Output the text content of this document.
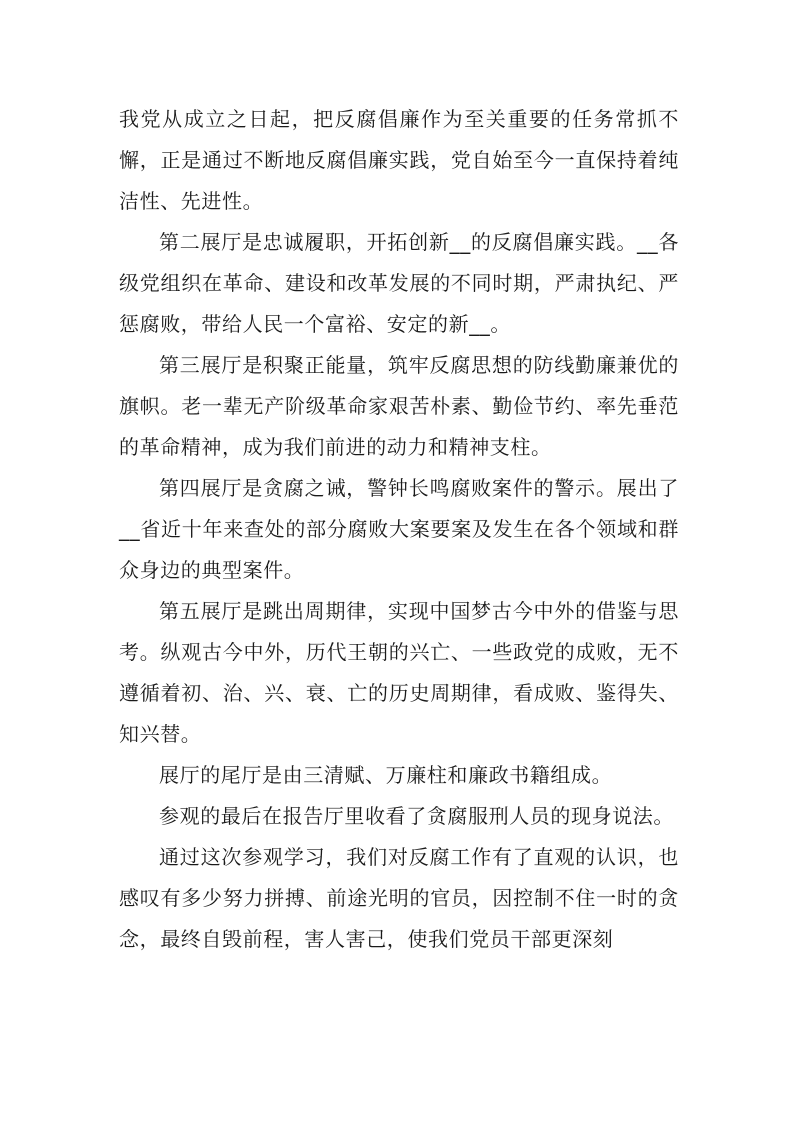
我党从成立之日起，把反腐倡廉作为至关重要的任务常抓不懈，正是通过不断地反腐倡廉实践，党自始至今一直保持着纯洁性、先进性。

第二展厅是忠诚履职，开拓创新__的反腐倡廉实践。__各级党组织在革命、建设和改革发展的不同时期，严肃执纪、严惩腐败，带给人民一个富裕、安定的新__。

第三展厅是积聚正能量，筑牢反腐思想的防线勤廉兼优的旗帜。老一辈无产阶级革命家艰苦朴素、勤俭节约、率先垂范的革命精神，成为我们前进的动力和精神支柱。

第四展厅是贪腐之诫，警钟长鸣腐败案件的警示。展出了__省近十年来查处的部分腐败大案要案及发生在各个领域和群众身边的典型案件。

第五展厅是跳出周期律，实现中国梦古今中外的借鉴与思考。纵观古今中外，历代王朝的兴亡、一些政党的成败，无不遵循着初、治、兴、衰、亡的历史周期律，看成败、鉴得失、知兴替。

展厅的尾厅是由三清赋、万廉柱和廉政书籍组成。

参观的最后在报告厅里收看了贪腐服刑人员的现身说法。

通过这次参观学习，我们对反腐工作有了直观的认识，也感叹有多少努力拼搏、前途光明的官员，因控制不住一时的贪念，最终自毁前程，害人害己，使我们党员干部更深刻
